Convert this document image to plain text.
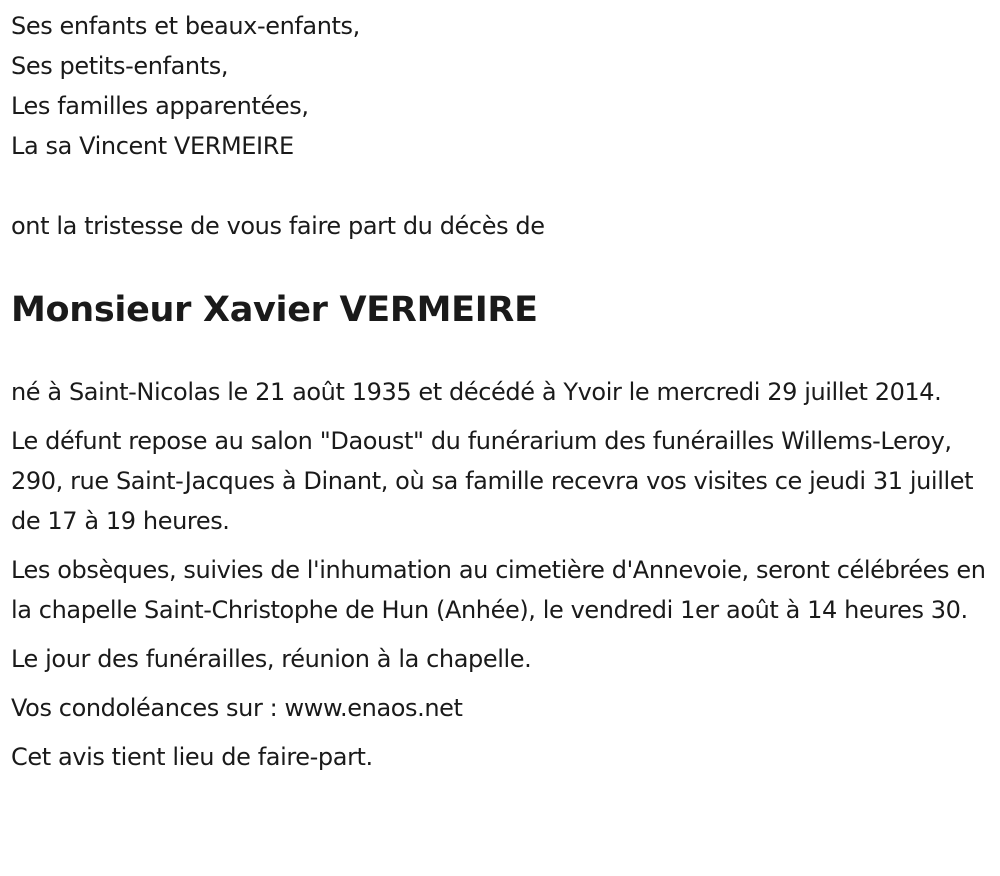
Ses enfants et beaux-enfants,
Ses petits-enfants,
Les familles apparentées,
La sa Vincent VERMEIRE

ont la tristesse de vous faire part du décès de

Monsieur Xavier VERMEIRE

né à Saint-Nicolas le 21 août 1935 et décédé à Yvoir le mercredi 29 juillet 2014.

Le défunt repose au salon "Daoust" du funérarium des funérailles Willems-Leroy, 290, rue Saint-Jacques à Dinant, où sa famille recevra vos visites ce jeudi 31 juillet de 17 à 19 heures.

Les obsèques, suivies de l'inhumation au cimetière d'Annevoie, seront célébrées en la chapelle Saint-Christophe de Hun (Anhée), le vendredi 1er août à 14 heures 30.

Le jour des funérailles, réunion à la chapelle.

Vos condoléances sur : www.enaos.net

Cet avis tient lieu de faire-part.
